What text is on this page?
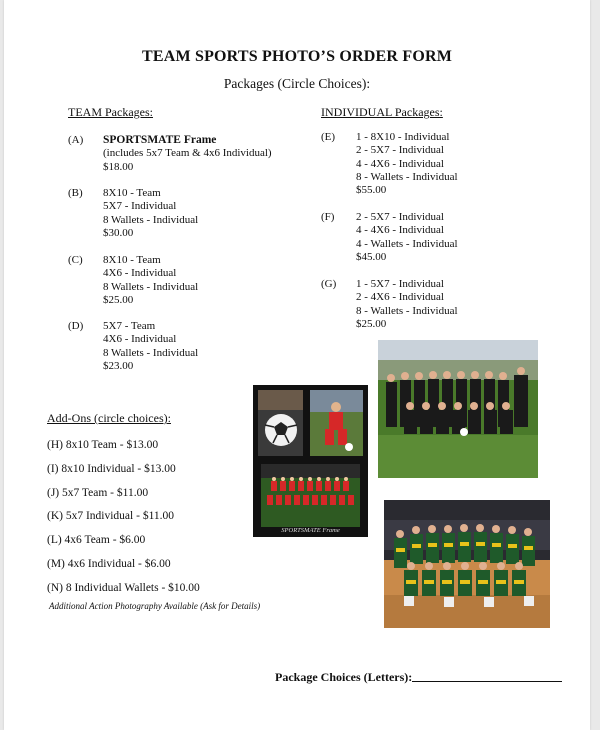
TEAM SPORTS PHOTO’S ORDER FORM
Packages (Circle Choices):
TEAM Packages:
(A) SPORTSMATE Frame
(includes 5x7 Team & 4x6 Individual)
$18.00
(B) 8X10 - Team
5X7 - Individual
8 Wallets - Individual
$30.00
(C) 8X10 - Team
4X6 - Individual
8 Wallets - Individual
$25.00
(D) 5X7 - Team
4X6 - Individual
8 Wallets - Individual
$23.00
INDIVIDUAL Packages:
(E) 1 - 8X10 - Individual
2 - 5X7 - Individual
4 - 4X6 - Individual
8 - Wallets - Individual
$55.00
(F) 2 - 5X7 - Individual
4 - 4X6 - Individual
4 - Wallets - Individual
$45.00
(G) 1 - 5X7 - Individual
2 - 4X6 - Individual
8 - Wallets - Individual
$25.00
Add-Ons (circle choices):
(H) 8x10 Team - $13.00
(I) 8x10 Individual - $13.00
(J) 5x7 Team - $11.00
(K) 5x7 Individual - $11.00
(L) 4x6 Team - $6.00
(M) 4x6 Individual - $6.00
(N) 8 Individual Wallets - $10.00
Additional Action Photography Available (Ask for Details)
SPORTSMATE Frame
Package Choices (Letters):
